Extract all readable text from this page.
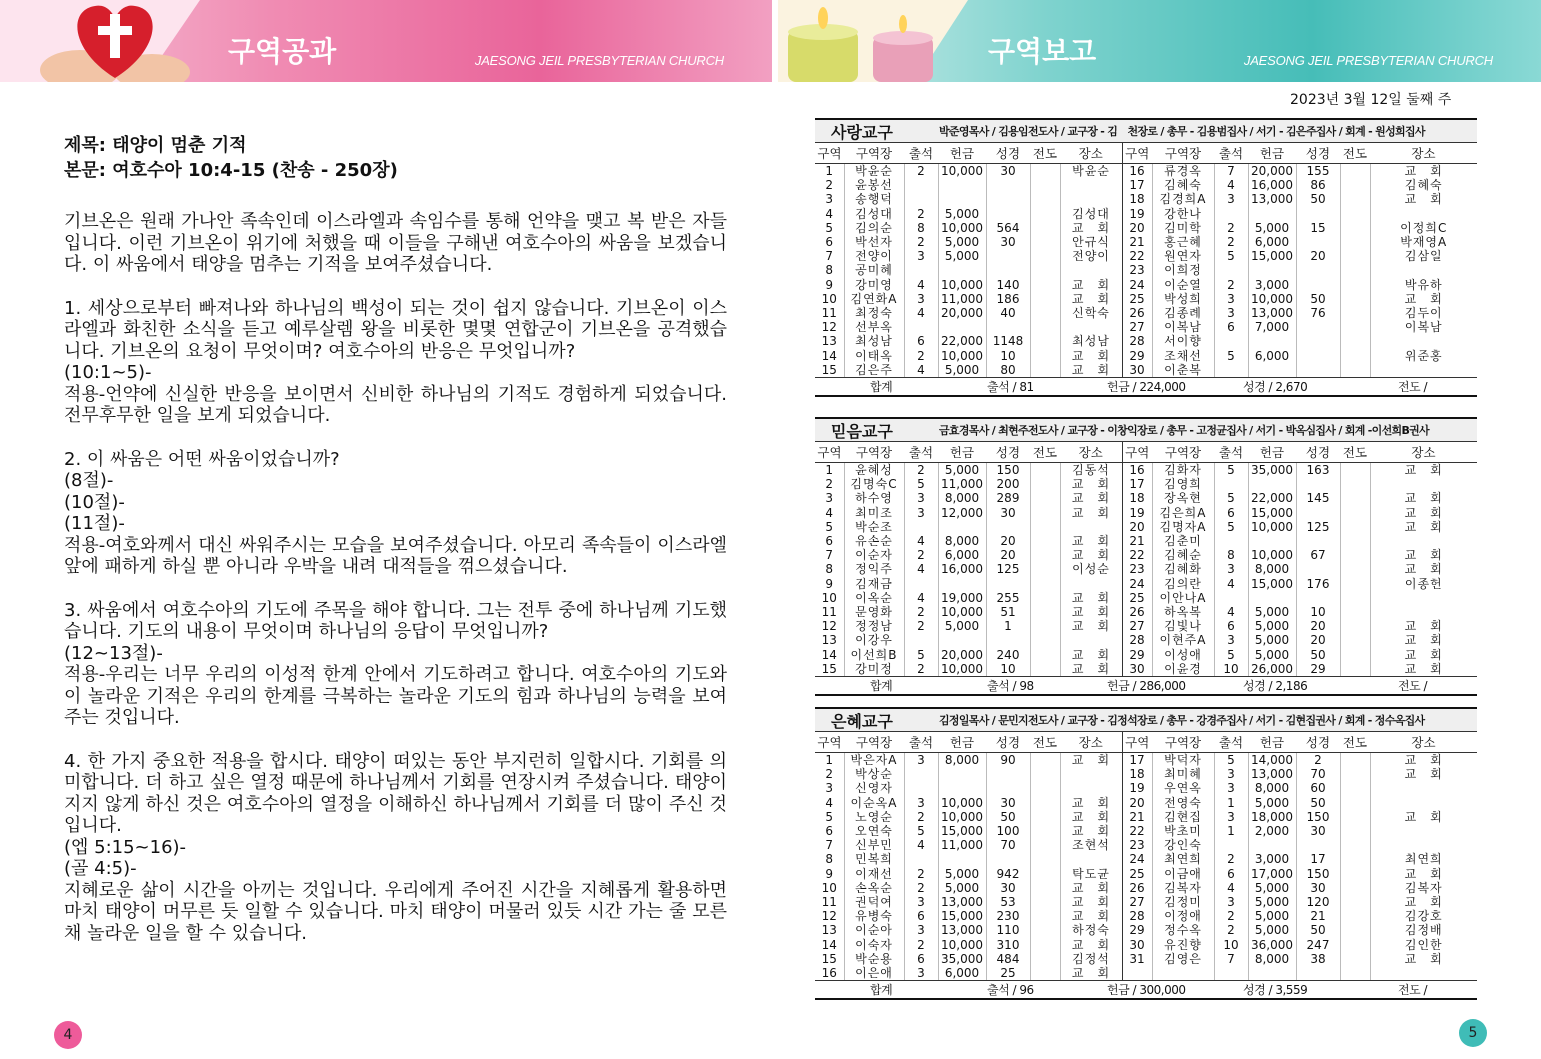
구역공과	JAESONG JEIL PRESBYTERIAN CHURCH	구역보고	JAESONG JEIL PRESBYTERIAN CHURCH
제목: 태양이 멈춘 기적
본문: 여호수아 10:4-15 (찬송 - 250장)

기브온은 원래 가나안 족속인데 이스라엘과 속임수를 통해 언약을 맺고 복 받은 자들입니다. 이런 기브온이 위기에 처했을 때 이들을 구해낸 여호수아의 싸움을 보겠습니다. 이 싸움에서 태양을 멈추는 기적을 보여주셨습니다.

1. 세상으로부터 빠져나와 하나님의 백성이 되는 것이 쉽지 않습니다. 기브온이 이스라엘과 화친한 소식을 듣고 예루살렘 왕을 비롯한 몇몇 연합군이 기브온을 공격했습니다. 기브온의 요청이 무엇이며? 여호수아의 반응은 무엇입니까?

(10:1~5)-

적용-언약에 신실한 반응을 보이면서 신비한 하나님의 기적도 경험하게 되었습니다. 전무후무한 일을 보게 되었습니다.

2. 이 싸움은 어떤 싸움이었습니까?

(8절)-

(10절)-

(11절)-

적용-여호와께서 대신 싸워주시는 모습을 보여주셨습니다. 아모리 족속들이 이스라엘 앞에 패하게 하실 뿐 아니라 우박을 내려 대적들을 꺾으셨습니다.

3. 싸움에서 여호수아의 기도에 주목을 해야 합니다. 그는 전투 중에 하나님께 기도했습니다. 기도의 내용이 무엇이며 하나님의 응답이 무엇입니까?

(12~13절)-

적용-우리는 너무 우리의 이성적 한계 안에서 기도하려고 합니다. 여호수아의 기도와 이 놀라운 기적은 우리의 한계를 극복하는 놀라운 기도의 힘과 하나님의 능력을 보여주는 것입니다.

4. 한 가지 중요한 적용을 합시다. 태양이 떠있는 동안 부지런히 일합시다. 기회를 의미합니다. 더 하고 싶은 열정 때문에 하나님께서 기회를 연장시켜 주셨습니다. 태양이 지지 않게 하신 것은 여호수아의 열정을 이해하신 하나님께서 기회를 더 많이 주신 것입니다.

(엡 5:15~16)-

(골 4:5)-

지혜로운 삶이 시간을 아끼는 것입니다. 우리에게 주어진 시간을 지혜롭게 활용하면 마치 태양이 머무른 듯 일할 수 있습니다. 마치 태양이 머물러 있듯 시간 가는 줄 모른 채 놀라운 일을 할 수 있습니다.

4
2023년 3월 12일 둘째 주
사랑교구	박준영목사 / 김용임전도사 / 교구장 - 김　천장로 / 총무 - 김용범집사 / 서기 - 김은주집사 / 회계 - 원성희집사
구역	구역장	출석	헌금	성경	전도	장소	구역	구역장	출석	헌금	성경	전도	장소
1	박윤순	2	10,000	30		박윤순	16	류경옥	7	20,000	155		교　회
2	윤봉선						17	김혜숙	4	16,000	86		김혜숙
3	송행덕						18	김경희A	3	13,000	50		교　회
4	김성대	2	5,000			김성대	19	강한나					
5	김의순	8	10,000	564		교　회	20	김미학	2	5,000	15		이정희C
6	박선자	2	5,000	30		안규식	21	홍근혜	2	6,000			박재영A
7	전양이	3	5,000			전양이	22	원연자	5	15,000	20		김삼일
8	공미혜						23	이희정					
9	강미영	4	10,000	140		교　회	24	이순열	2	3,000			박유하
10	김연화A	3	11,000	186		교　회	25	박성희	3	10,000	50		교　회
11	최정숙	4	20,000	40		신학숙	26	김종례	3	13,000	76		김두이
12	선부옥						27	이복남	6	7,000			이복남
13	최성남	6	22,000	1148		최성남	28	서이향					
14	이태옥	2	10,000	10		교　회	29	조채선	5	6,000			위준홍
15	김은주	4	5,000	80		교　회	30	이춘복					
합계	출석 / 81	헌금 / 224,000	성경 / 2,670	전도 /
믿음교구	금효경목사 / 최현주전도사 / 교구장 - 이창익장로 / 총무 - 고정균집사 / 서기 - 박옥심집사 / 회계 -이선희B권사
구역	구역장	출석	헌금	성경	전도	장소	구역	구역장	출석	헌금	성경	전도	장소
1	윤혜성	2	5,000	150		김동석	16	김화자	5	35,000	163		교　회
2	김명숙C	5	11,000	200		교　회	17	김영희					
3	하수영	3	8,000	289		교　회	18	장옥현	5	22,000	145		교　회
4	최미조	3	12,000	30		교　회	19	김은희A	6	15,000			교　회
5	박순조						20	김명자A	5	10,000	125		교　회
6	유손순	4	8,000	20		교　회	21	김춘미					
7	이순자	2	6,000	20		교　회	22	김혜순	8	10,000	67		교　회
8	정익주	4	16,000	125		이성순	23	김혜화	3	8,000			교　회
9	김재금						24	김의란	4	15,000	176		이종헌
10	이옥순	4	19,000	255		교　회	25	이안나A					
11	문영화	2	10,000	51		교　회	26	하옥복	4	5,000	10		
12	정정남	2	5,000	1		교　회	27	김빛나	6	5,000	20		교　회
13	이강우						28	이현주A	3	5,000	20		교　회
14	이선희B	5	20,000	240		교　회	29	이성애	5	5,000	50		교　회
15	강미정	2	10,000	10		교　회	30	이윤경	10	26,000	29		교　회
합계	출석 / 98	헌금 / 286,000	성경 / 2,186	전도 /
은혜교구	김정일목사 / 문민지전도사 / 교구장 - 김정석장로 / 총무 - 강경주집사 / 서기 - 김현집권사 / 회계 - 정수옥집사
구역	구역장	출석	헌금	성경	전도	장소	구역	구역장	출석	헌금	성경	전도	장소
1	박은자A	3	8,000	90		교　회	17	박덕자	5	14,000	2		교　회
2	박상순						18	최미혜	3	13,000	70		교　회
3	신영자						19	우연옥	3	8,000	60		
4	이순옥A	3	10,000	30		교　회	20	전영숙	1	5,000	50		
5	노영순	2	10,000	50		교　회	21	김현집	3	18,000	150		교　회
6	오연숙	5	15,000	100		교　회	22	박초미	1	2,000	30		
7	신부민	4	11,000	70		조현석	23	강인숙					
8	민복희						24	최연희	2	3,000	17		최연희
9	이재선	2	5,000	942		탁도균	25	이금애	6	17,000	150		교　회
10	손옥순	2	5,000	30		교　회	26	김복자	4	5,000	30		김복자
11	권덕여	3	13,000	53		교　회	27	김정미	3	5,000	120		교　회
12	유병숙	6	15,000	230		교　회	28	이정애	2	5,000	21		김강호
13	이순아	3	13,000	110		하정숙	29	정수옥	2	5,000	50		김정배
14	이숙자	2	10,000	310		교　회	30	유진향	10	36,000	247		김인한
15	박순용	6	35,000	484		김정석	31	김영은	7	8,000	38		교　회
16	이은애	3	6,000	25		교　회							
합계	출석 / 96	헌금 / 300,000	성경 / 3,559	전도 /
5
